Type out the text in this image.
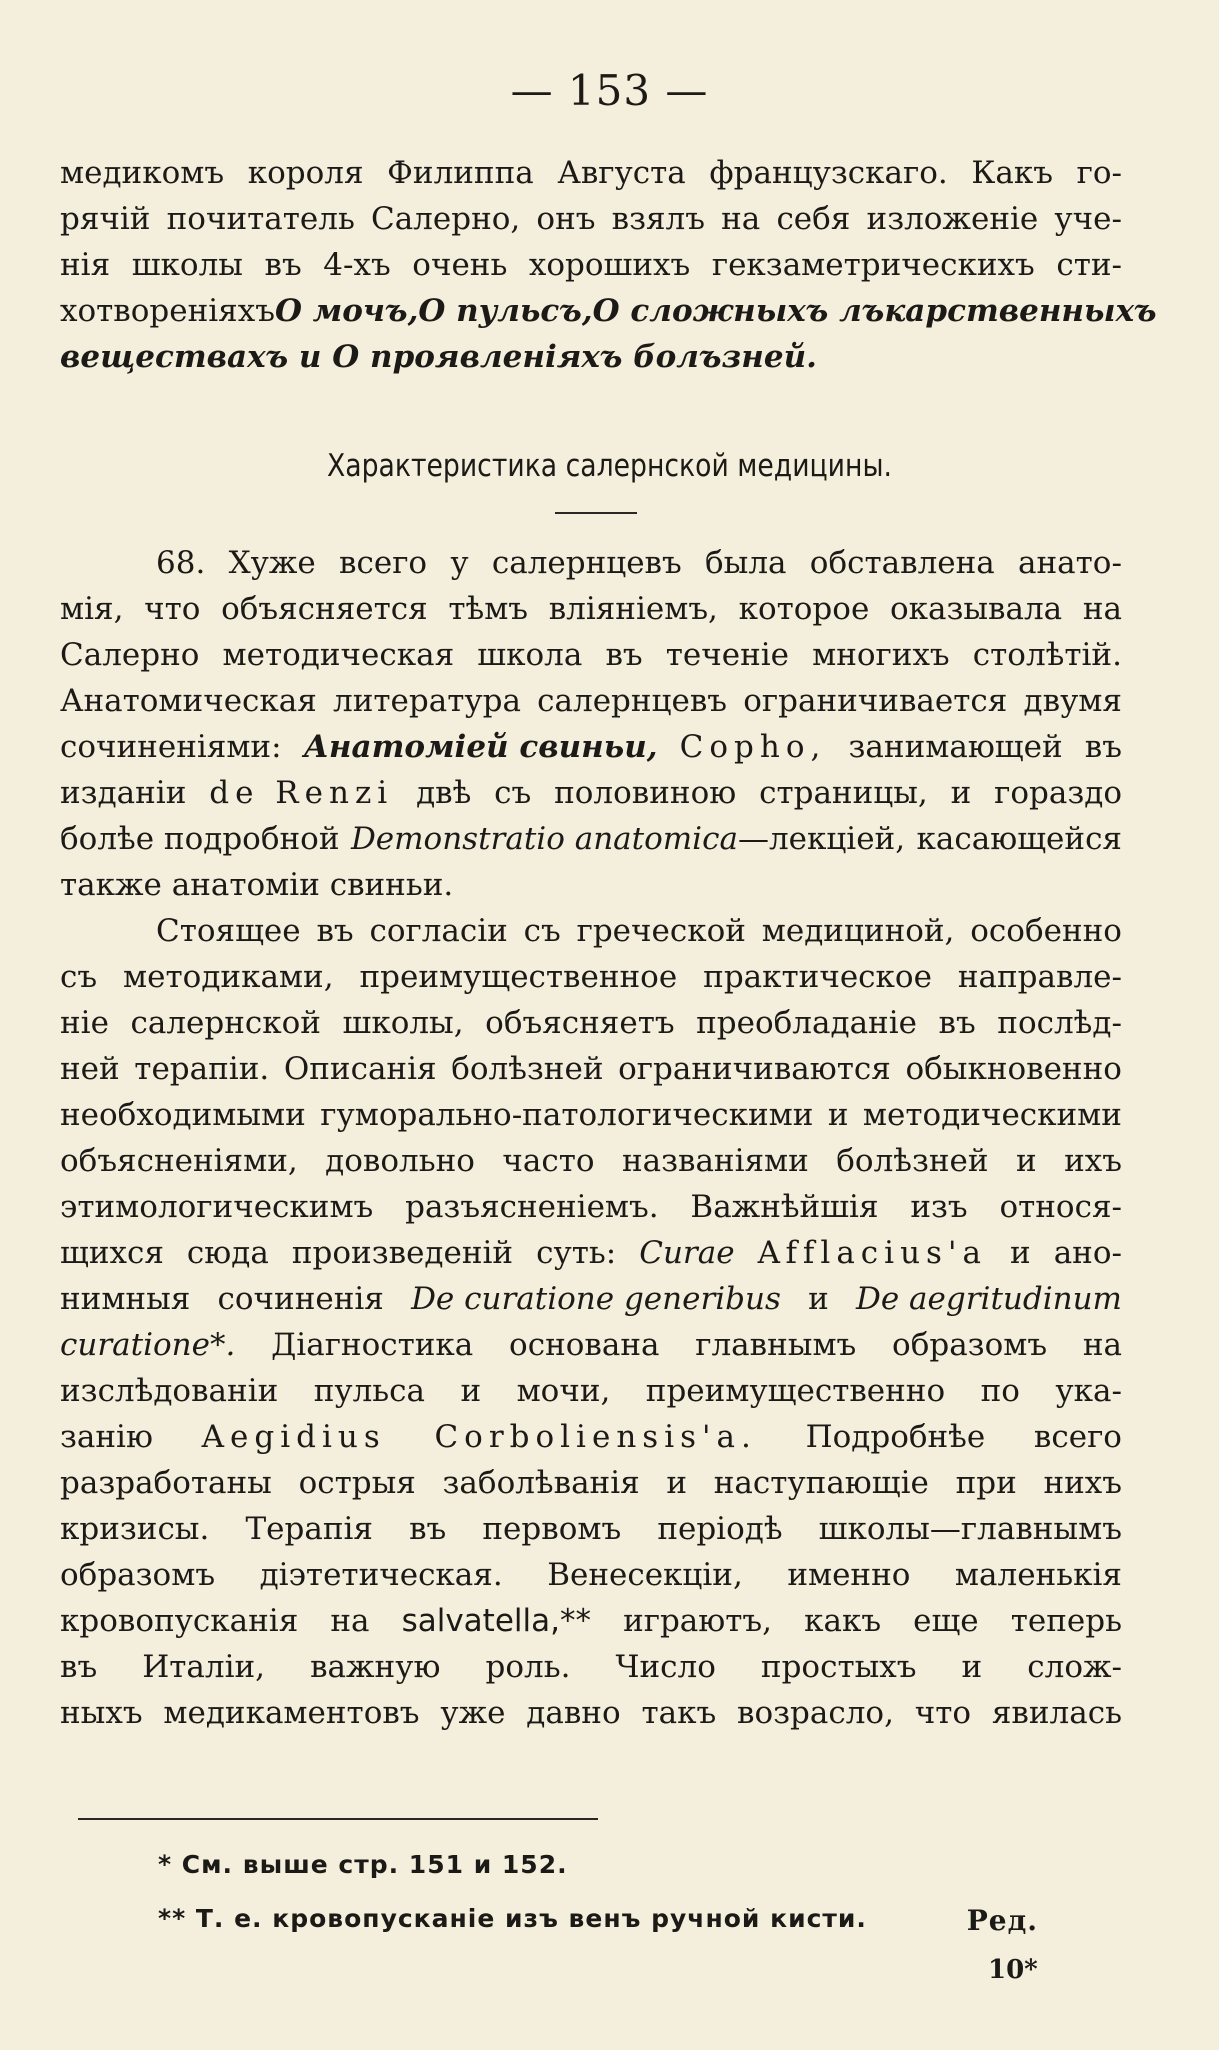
— 153 —
медикомъ короля Филиппа Августа французскаго. Какъ го-
рячій почитатель Салерно, онъ взялъ на себя изложеніе уче-
нія школы въ 4-хъ очень хорошихъ гекзаметрическихъ сти-
хотвореніяхъ О мочъ, О пульсъ, О сложныхъ лъкарственныхъ
веществахъ и О проявленіяхъ болъзней.
Характеристика салернской медицины.
68. Хуже всего у салернцевъ была обставлена анато-
мія, что объясняется тѣмъ вліяніемъ, которое оказывала на
Салерно методическая школа въ теченіе многихъ столѣтій.
Анатомическая литература салернцевъ ограничивается двумя
сочиненіями: Анатоміей свиньи, Copho, занимающей въ
изданіи de Renzi двѣ съ половиною страницы, и гораздо
болѣе подробной Demonstratio anatomica—лекціей, касающейся
также анатоміи свиньи.
Стоящее въ согласіи съ греческой медициной, особенно
съ методиками, преимущественное практическое направле-
ніе салернской школы, объясняетъ преобладаніе въ послѣд-
ней терапіи. Описанія болѣзней ограничиваются обыкновенно
необходимыми гуморально-патологическими и методическими
объясненіями, довольно часто названіями болѣзней и ихъ
этимологическимъ разъясненіемъ. Важнѣйшія изъ относя-
щихся сюда произведеній суть: Curae Afflacius'a и ано-
нимныя сочиненія De curatione generibus и De aegritudinum
curatione*. Діагностика основана главнымъ образомъ на
изслѣдованіи пульса и мочи, преимущественно по ука-
занію Aegidius Corboliensis'a. Подробнѣе всего
разработаны острыя заболѣванія и наступающіе при нихъ
кризисы. Терапія въ первомъ періодѣ школы—главнымъ
образомъ діэтетическая. Венесекціи, именно маленькія
кровопусканія на salvatella,** играютъ, какъ еще теперь
въ Италіи, важную роль. Число простыхъ и слож-
ныхъ медикаментовъ уже давно такъ возрасло, что явилась
* См. выше стр. 151 и 152.
** Т. е. кровопусканіе изъ венъ ручной кисти.	Ред.
10*
